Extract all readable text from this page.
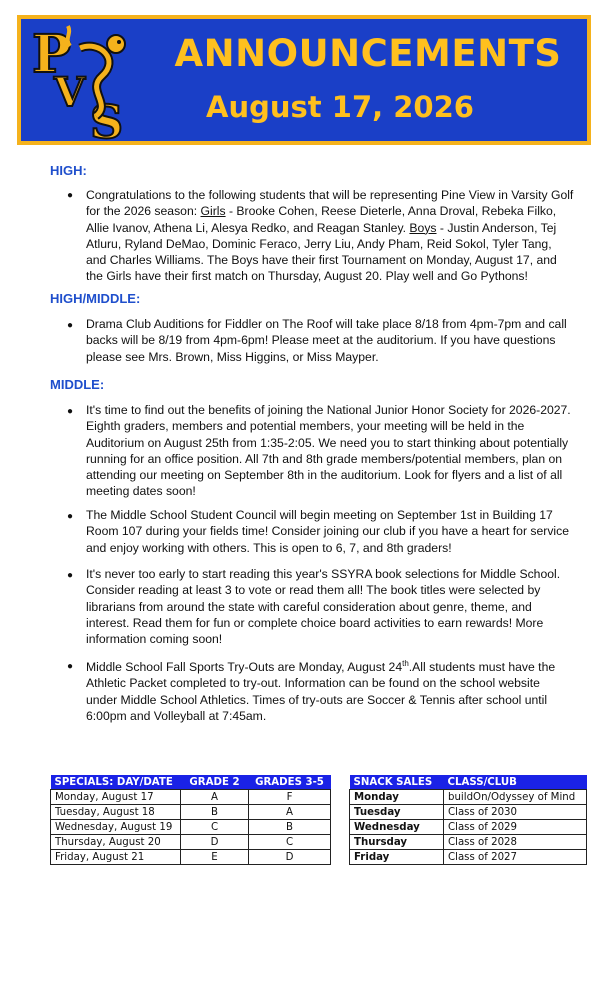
P
V
S
ANNOUNCEMENTS
August 17, 2026
HIGH:
● Congratulations to the following students that will be representing Pine View in Varsity Golf for the 2026 season: Girls - Brooke Cohen, Reese Dieterle, Anna Droval, Rebeka Filko, Allie Ivanov, Athena Li, Alesya Redko, and Reagan Stanley. Boys - Justin Anderson, Tej Atluru, Ryland DeMao, Dominic Feraco, Jerry Liu, Andy Pham, Reid Sokol, Tyler Tang, and Charles Williams. The Boys have their first Tournament on Monday, August 17, and the Girls have their first match on Thursday, August 20. Play well and Go Pythons!
HIGH/MIDDLE:
● Drama Club Auditions for Fiddler on The Roof will take place 8/18 from 4pm-7pm and call backs will be 8/19 from 4pm-6pm! Please meet at the auditorium. If you have questions please see Mrs. Brown, Miss Higgins, or Miss Mayper.
MIDDLE:
● It's time to find out the benefits of joining the National Junior Honor Society for 2026-2027. Eighth graders, members and potential members, your meeting will be held in the Auditorium on August 25th from 1:35-2:05. We need you to start thinking about potentially running for an office position. All 7th and 8th grade members/potential members, plan on attending our meeting on September 8th in the auditorium. Look for flyers and a list of all meeting dates soon!
● The Middle School Student Council will begin meeting on September 1st in Building 17 Room 107 during your fields time! Consider joining our club if you have a heart for service and enjoy working with others. This is open to 6, 7, and 8th graders!
● It's never too early to start reading this year's SSYRA book selections for Middle School. Consider reading at least 3 to vote or read them all! The book titles were selected by librarians from around the state with careful consideration about genre, theme, and interest. Read them for fun or complete choice board activities to earn rewards! More information coming soon!
● Middle School Fall Sports Try-Outs are Monday, August 24th.All students must have the Athletic Packet completed to try-out. Information can be found on the school website under Middle School Athletics. Times of try-outs are Soccer & Tennis after school until 6:00pm and Volleyball at 7:45am.
SPECIALS: DAY/DATE	GRADE 2	GRADES 3-5
Monday, August 17	A	F
Tuesday, August 18	B	A
Wednesday, August 19	C	B
Thursday, August 20	D	C
Friday, August 21	E	D
SNACK SALES	CLASS/CLUB
Monday	buildOn/Odyssey of Mind
Tuesday	Class of 2030
Wednesday	Class of 2029
Thursday	Class of 2028
Friday	Class of 2027
